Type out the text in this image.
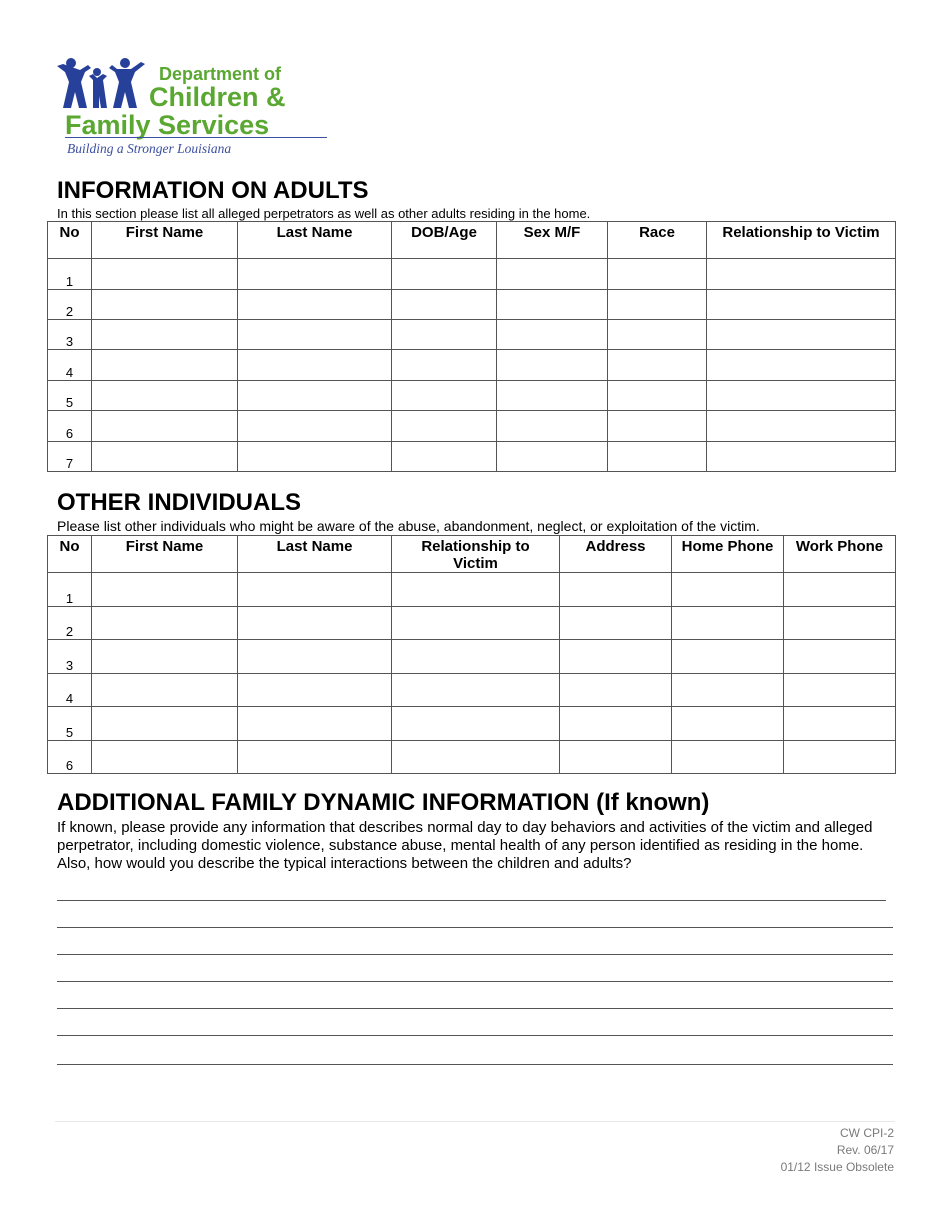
Department of
Children &
Family Services
Building a Stronger Louisiana
INFORMATION ON ADULTS

In this section please list all alleged perpetrators as well as other adults residing in the home.

No	First Name	Last Name	DOB/Age	Sex M/F	Race	Relationship to Victim
1						
2						
3						
4						
5						
6						
7						
OTHER INDIVIDUALS

Please list other individuals who might be aware of the abuse, abandonment, neglect, or exploitation of the victim.

No	First Name	Last Name	Relationship to Victim	Address	Home Phone	Work Phone
1						
2						
3						
4						
5						
6						
ADDITIONAL FAMILY DYNAMIC INFORMATION (If known)

If known, please provide any information that describes normal day to day behaviors and activities of the victim and alleged perpetrator, including domestic violence, substance abuse, mental health of any person identified as residing in the home. Also, how would you describe the typical interactions between the children and adults?

CW CPI-2
Rev. 06/17
01/12 Issue Obsolete
